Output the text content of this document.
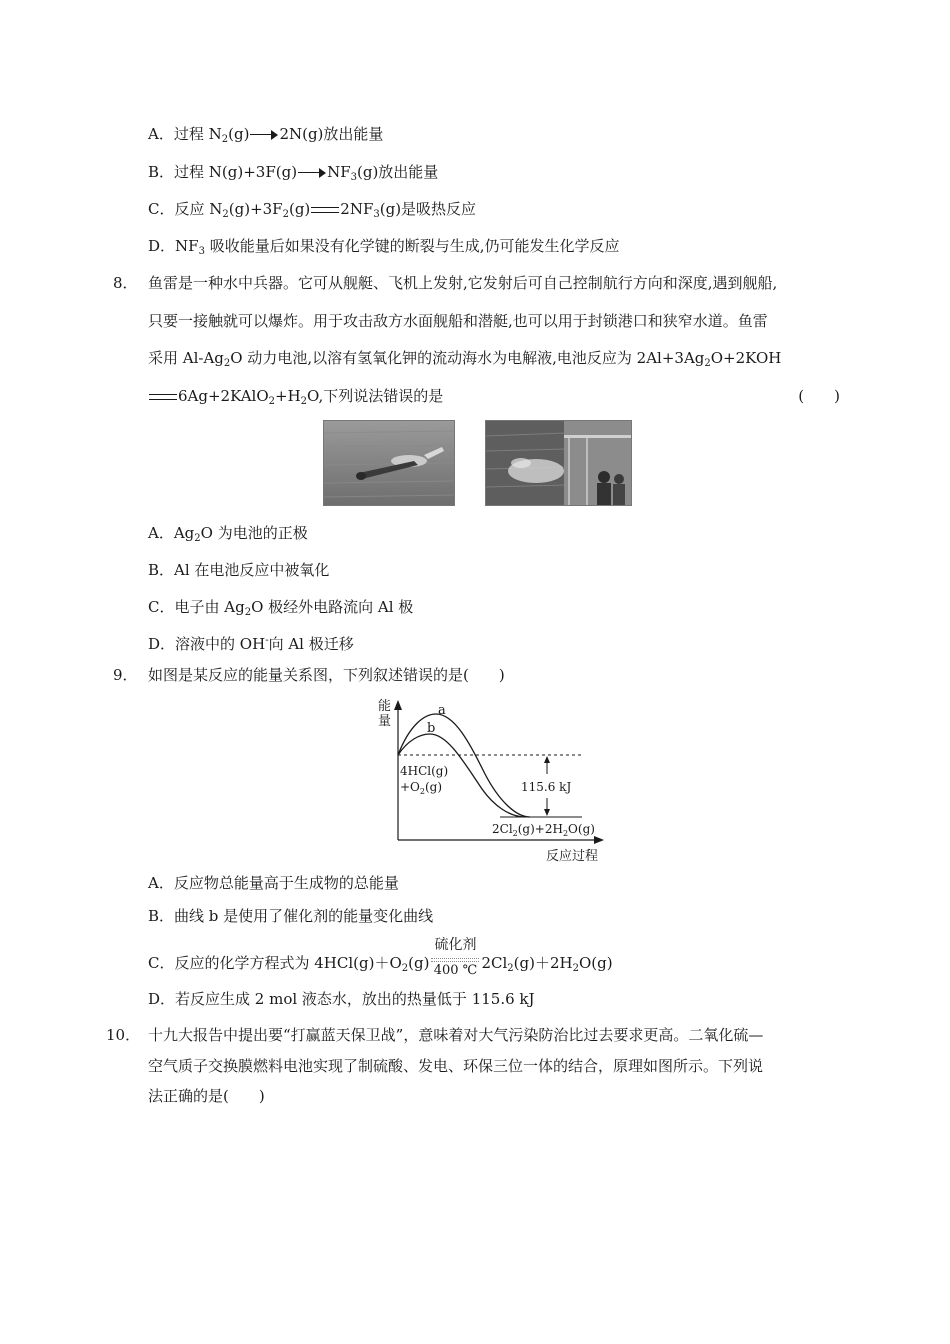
A．过程 $N_2(g)$ 2N(g)放出能量
B．过程 N(g)+3F(g) $NF_3(g)$放出能量
C．反应 $N_2(g)+3F_2(g)$ $2NF_3(g)$是吸热反应
D．$NF_3$ 吸收能量后如果没有化学键的断裂与生成,仍可能发生化学反应
8． 鱼雷是一种水中兵器。它可从舰艇、飞机上发射,它发射后可自己控制航行方向和深度,遇到舰船,
只要一接触就可以爆炸。用于攻击敌方水面舰船和潜艇,也可以用于封锁港口和狭窄水道。鱼雷
采用 $Al-Ag_2O$ 动力电池,以溶有氢氧化钾的流动海水为电解液,电池反应为 $2Al+3Ag_2O+2KOH$
$6Ag+2KAlO_2+H_2O$,下列说法错误的是	(　　)
A．$Ag_2O$ 为电池的正极
B．Al 在电池反应中被氧化
C．电子由 $Ag_2O$ 极经外电路流向 Al 极
D．溶液中的 OH-向 Al 极迁移
9． 如图是某反应的能量关系图，下列叙述错误的是(　　)
能量
反应过程
a
b
115.6 kJ
4HCl(g)
$+O_2(g)$
$2Cl_2(g)+2H_2O(g)$
A．反应物总能量高于生成物的总能量
B．曲线 b 是使用了催化剂的能量变化曲线
C．反应的化学方程式为 $4HCl(g)+O_2(g)$
硫化剂
400 ℃ $2Cl_2(g)+2H_2O(g)$
D．若反应生成 2 mol 液态水，放出的热量低于 115.6 kJ
10． 十九大报告中提出要“打赢蓝天保卫战”，意味着对大气污染防治比过去要求更高。二氧化硫—
空气质子交换膜燃料电池实现了制硫酸、发电、环保三位一体的结合，原理如图所示。下列说
法正确的是(　　)
